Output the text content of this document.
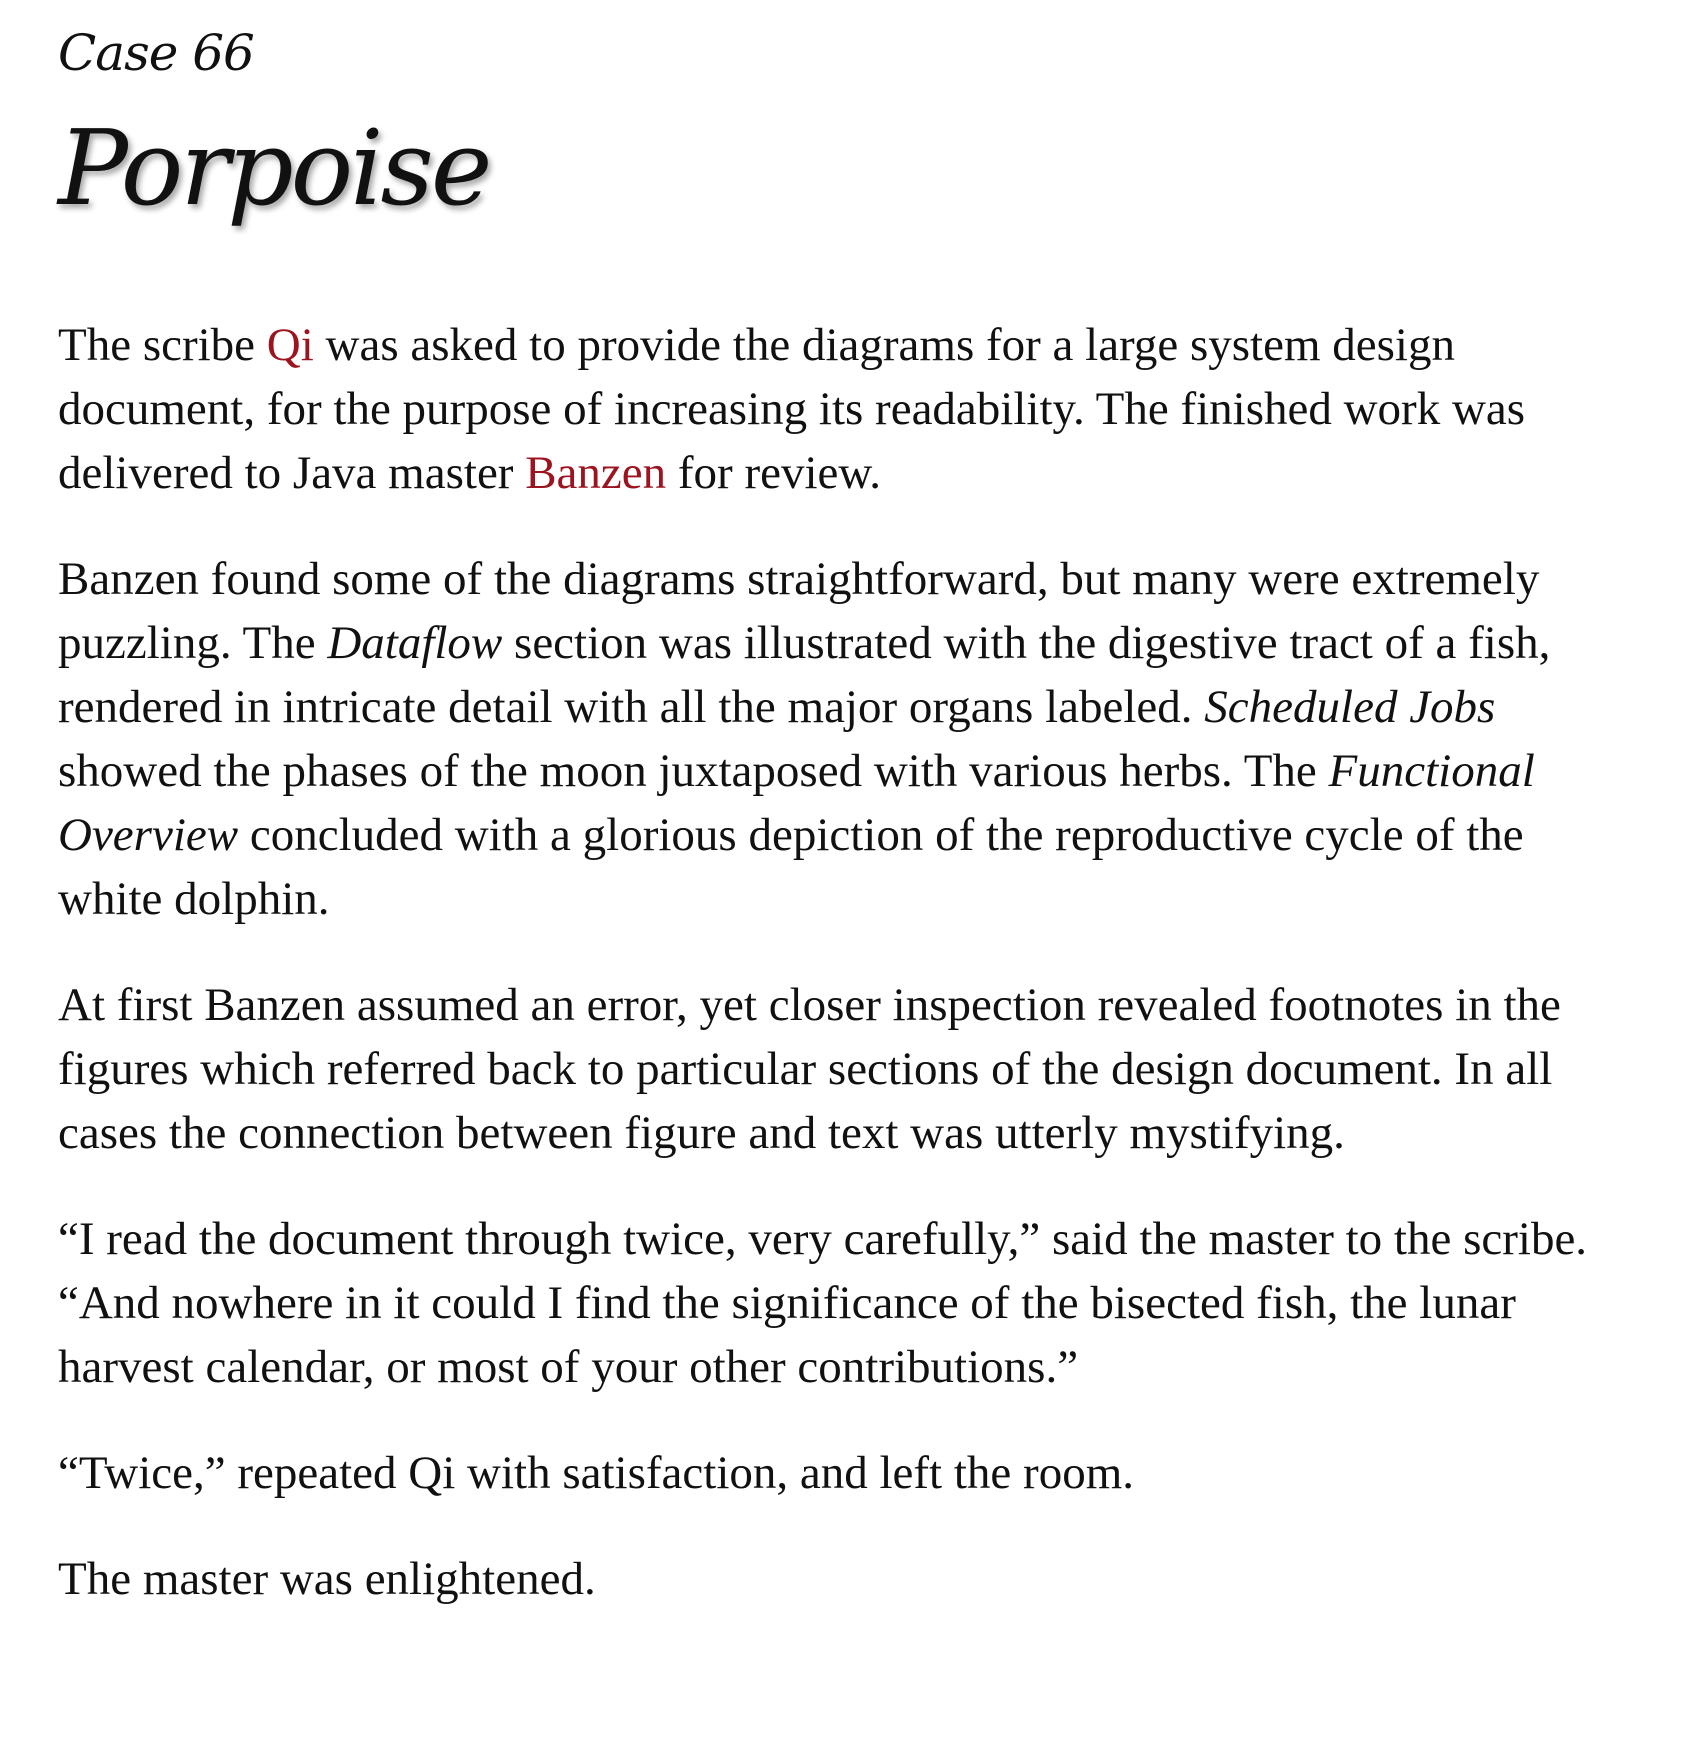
Case 66
Porpoise

The scribe Qi was asked to provide the diagrams for a large system design document, for the purpose of increasing its readability. The finished work was delivered to Java master Banzen for review.

Banzen found some of the diagrams straightforward, but many were extremely puzzling. The Dataflow section was illustrated with the digestive tract of a fish, rendered in intricate detail with all the major organs labeled. Scheduled Jobs showed the phases of the moon juxtaposed with various herbs. The Functional Overview concluded with a glorious depiction of the reproductive cycle of the white dolphin.

At first Banzen assumed an error, yet closer inspection revealed footnotes in the figures which referred back to particular sections of the design document. In all cases the connection between figure and text was utterly mystifying.

“I read the document through twice, very carefully,” said the master to the scribe. “And nowhere in it could I find the significance of the bisected fish, the lunar harvest calendar, or most of your other contributions.”

“Twice,” repeated Qi with satisfaction, and left the room.

The master was enlightened.
